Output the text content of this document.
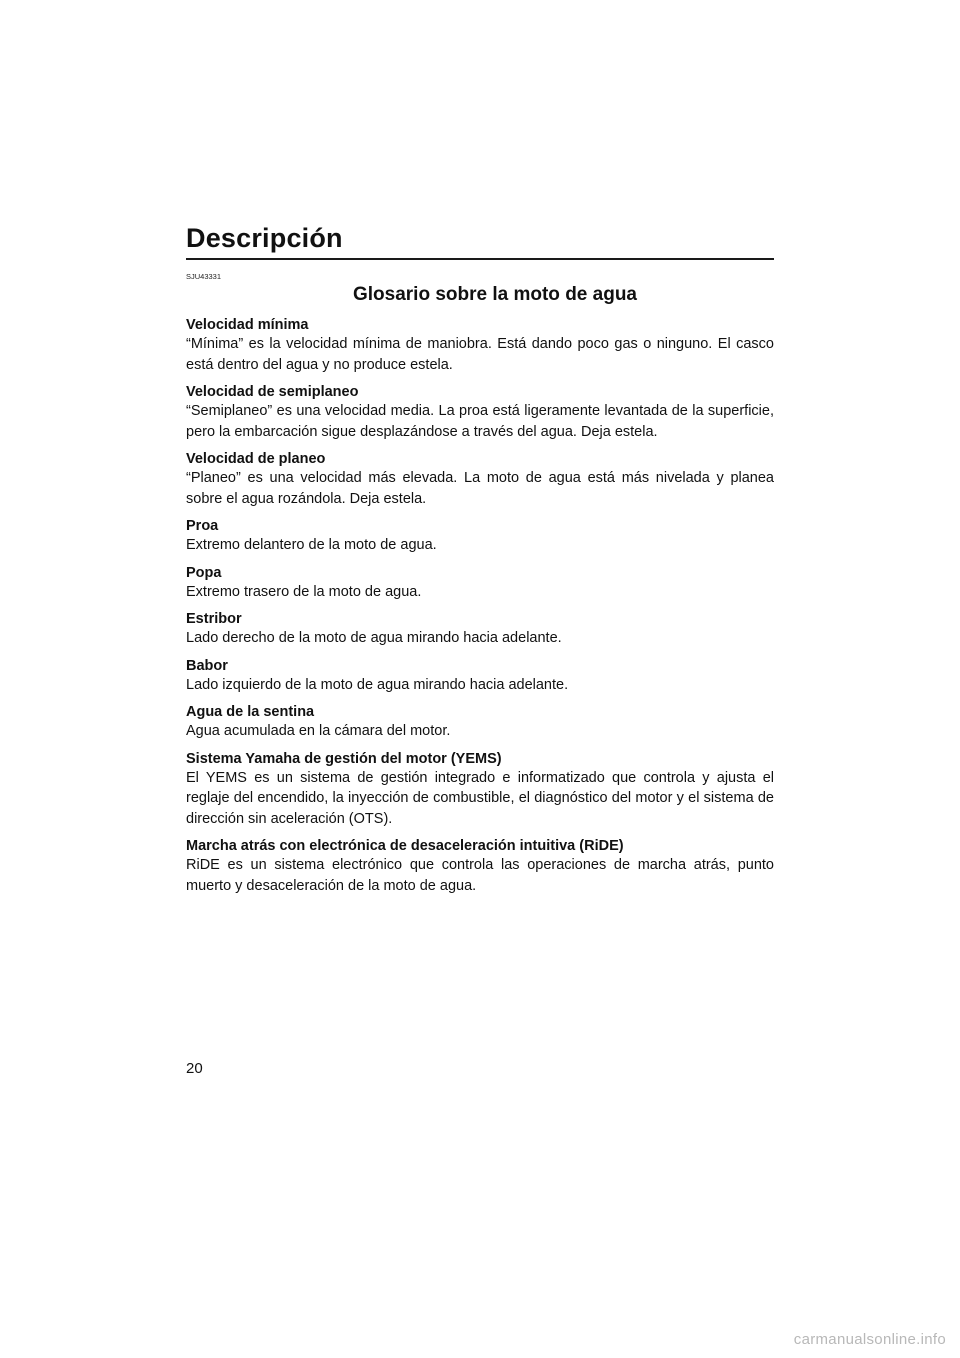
Descripción
SJU43331
Glosario sobre la moto de agua

Velocidad mínima

“Mínima” es la velocidad mínima de maniobra. Está dando poco gas o ninguno. El casco está dentro del agua y no produce estela.

Velocidad de semiplaneo

“Semiplaneo” es una velocidad media. La proa está ligeramente levantada de la superficie, pero la embarcación sigue desplazándose a través del agua. Deja estela.

Velocidad de planeo

“Planeo” es una velocidad más elevada. La moto de agua está más nivelada y planea sobre el agua rozándola. Deja estela.

Proa

Extremo delantero de la moto de agua.

Popa

Extremo trasero de la moto de agua.

Estribor

Lado derecho de la moto de agua mirando hacia adelante.

Babor

Lado izquierdo de la moto de agua mirando hacia adelante.

Agua de la sentina

Agua acumulada en la cámara del motor.

Sistema Yamaha de gestión del motor (YEMS)

El YEMS es un sistema de gestión integrado e informatizado que controla y ajusta el reglaje del encendido, la inyección de combustible, el diagnóstico del motor y el sistema de dirección sin aceleración (OTS).

Marcha atrás con electrónica de desaceleración intuitiva (RiDE)

RiDE es un sistema electrónico que controla las operaciones de marcha atrás, punto muerto y desaceleración de la moto de agua.

20
carmanualsonline.info
